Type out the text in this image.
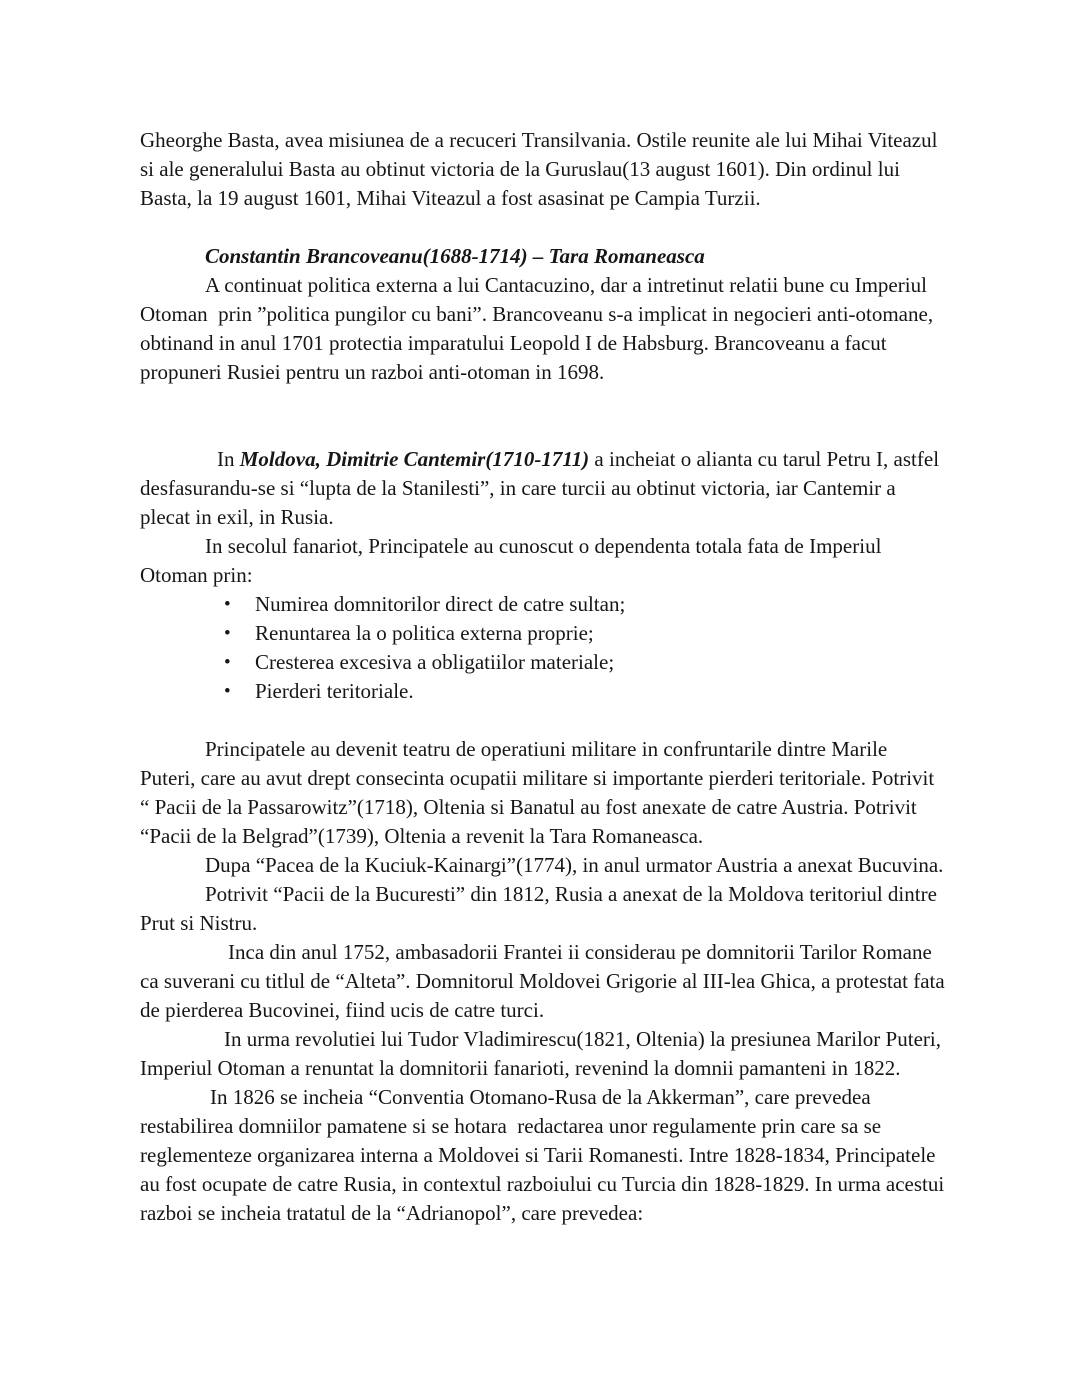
Gheorghe Basta, avea misiunea de a recuceri Transilvania. Ostile reunite ale lui Mihai Viteazul si ale generalului Basta au obtinut victoria de la Guruslau(13 august 1601). Din ordinul lui Basta, la 19 august 1601, Mihai Viteazul a fost asasinat pe Campia Turzii.

Constantin Brancoveanu(1688-1714) – Tara Romaneasca

A continuat politica externa a lui Cantacuzino, dar a intretinut relatii bune cu Imperiul Otoman  prin ”politica pungilor cu bani”. Brancoveanu s-a implicat in negocieri anti-otomane, obtinand in anul 1701 protectia imparatului Leopold I de Habsburg. Brancoveanu a facut propuneri Rusiei pentru un razboi anti-otoman in 1698.

In Moldova, Dimitrie Cantemir(1710-1711) a incheiat o alianta cu tarul Petru I, astfel desfasurandu-se si “lupta de la Stanilesti”, in care turcii au obtinut victoria, iar Cantemir a plecat in exil, in Rusia.

In secolul fanariot, Principatele au cunoscut o dependenta totala fata de Imperiul Otoman prin:

•	Numirea domnitorilor direct de catre sultan;
•	Renuntarea la o politica externa proprie;
•	Cresterea excesiva a obligatiilor materiale;
•	Pierderi teritoriale.

Principatele au devenit teatru de operatiuni militare in confruntarile dintre Marile Puteri, care au avut drept consecinta ocupatii militare si importante pierderi teritoriale. Potrivit “ Pacii de la Passarowitz”(1718), Oltenia si Banatul au fost anexate de catre Austria. Potrivit  “Pacii de la Belgrad”(1739), Oltenia a revenit la Tara Romaneasca.

Dupa “Pacea de la Kuciuk-Kainargi”(1774), in anul urmator Austria a anexat Bucuvina.

Potrivit “Pacii de la Bucuresti” din 1812, Rusia a anexat de la Moldova teritoriul dintre Prut si Nistru.

Inca din anul 1752, ambasadorii Frantei ii considerau pe domnitorii Tarilor Romane ca suverani cu titlul de “Alteta”. Domnitorul Moldovei Grigorie al III-lea Ghica, a protestat fata de pierderea Bucovinei, fiind ucis de catre turci.

In urma revolutiei lui Tudor Vladimirescu(1821, Oltenia) la presiunea Marilor Puteri, Imperiul Otoman a renuntat la domnitorii fanarioti, revenind la domnii pamanteni in 1822.

In 1826 se incheia “Conventia Otomano-Rusa de la Akkerman”, care prevedea restabilirea domniilor pamatene si se hotara  redactarea unor regulamente prin care sa se reglementeze organizarea interna a Moldovei si Tarii Romanesti. Intre 1828-1834, Principatele au fost ocupate de catre Rusia, in contextul razboiului cu Turcia din 1828-1829. In urma acestui razboi se incheia tratatul de la “Adrianopol”, care prevedea:
